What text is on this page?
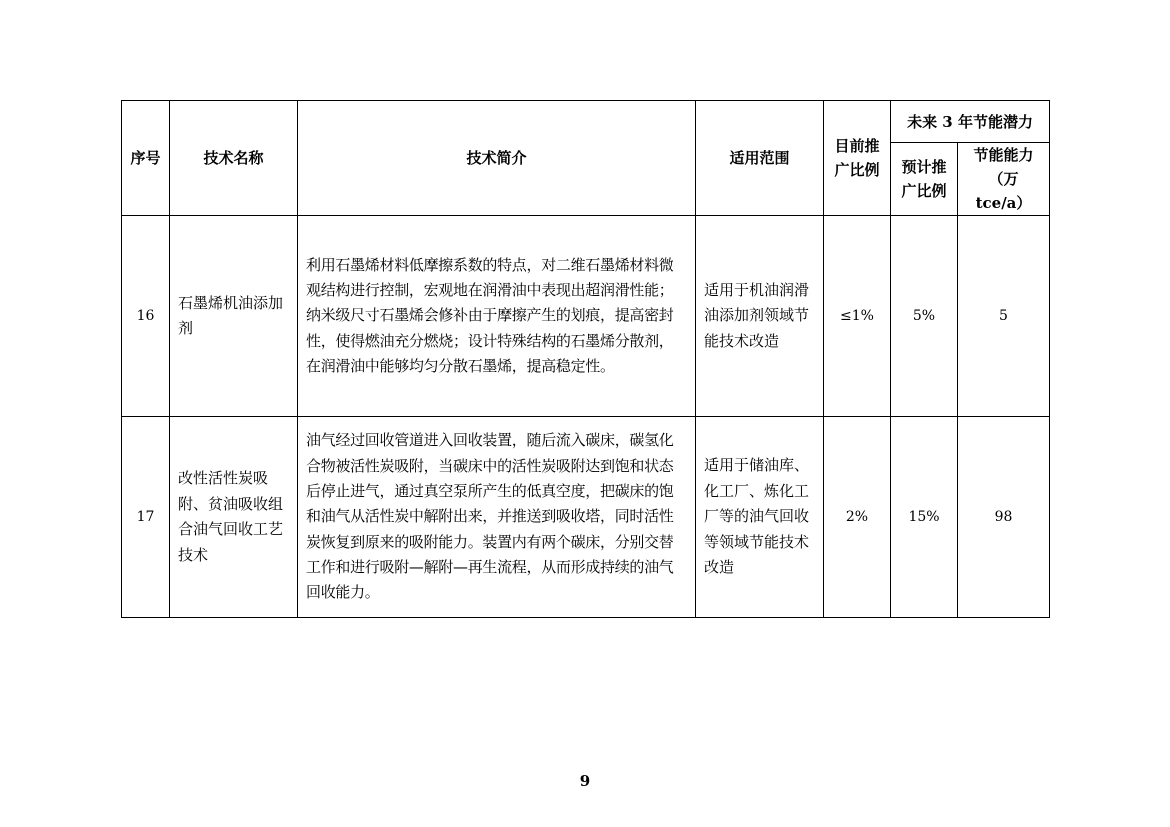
序号	技术名称	技术简介	适用范围	目前推广比例	未来 3 年节能潜力	
					预计推广比例	节能能力（万 tce/a）
16	石墨烯机油添加剂	利用石墨烯材料低摩擦系数的特点，对二维石墨烯材料微观结构进行控制，宏观地在润滑油中表现出超润滑性能；纳米级尺寸石墨烯会修补由于摩擦产生的划痕，提高密封性，使得燃油充分燃烧；设计特殊结构的石墨烯分散剂，在润滑油中能够均匀分散石墨烯，提高稳定性。	适用于机油润滑油添加剂领域节能技术改造	≤1%	5%	5
17	改性活性炭吸附、贫油吸收组合油气回收工艺技术	油气经过回收管道进入回收装置，随后流入碳床，碳氢化合物被活性炭吸附，当碳床中的活性炭吸附达到饱和状态后停止进气，通过真空泵所产生的低真空度，把碳床的饱和油气从活性炭中解附出来，并推送到吸收塔，同时活性炭恢复到原来的吸附能力。装置内有两个碳床，分别交替工作和进行吸附—解附—再生流程，从而形成持续的油气回收能力。	适用于储油库、化工厂、炼化工厂等的油气回收等领域节能技术改造	2%	15%	98
9
